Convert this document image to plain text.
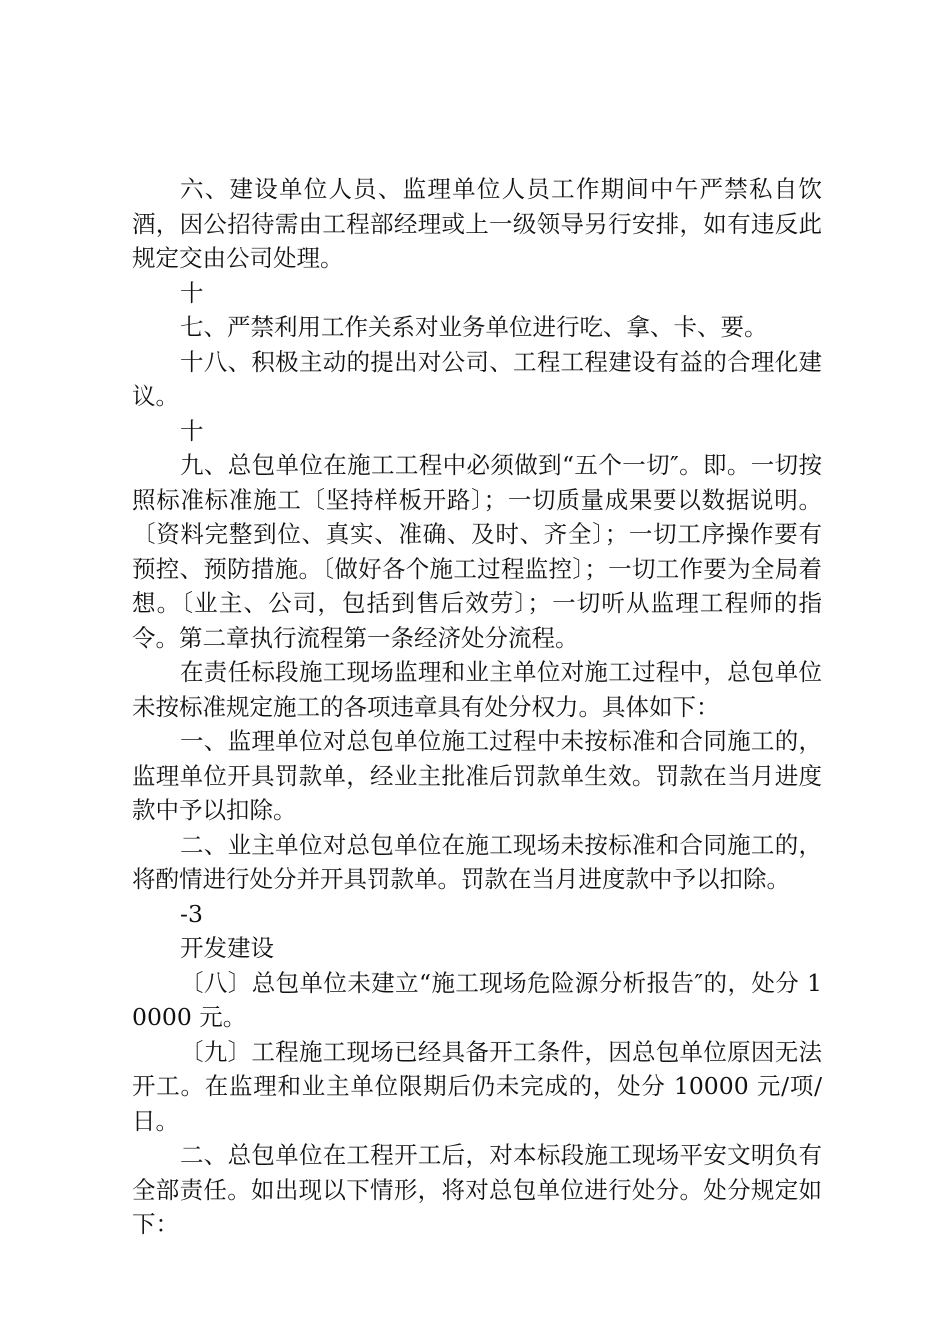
六、建设单位人员、监理单位人员工作期间中午严禁私自饮酒，因公招待需由工程部经理或上一级领导另行安排，如有违反此规定交由公司处理。

十

七、严禁利用工作关系对业务单位进行吃、拿、卡、要。

十八、积极主动的提出对公司、工程工程建设有益的合理化建议。

十

九、总包单位在施工工程中必须做到“五个一切″。即。一切按照标准标准施工〔坚持样板开路〕；一切质量成果要以数据说明。〔资料完整到位、真实、准确、及时、齐全〕；一切工序操作要有预控、预防措施。〔做好各个施工过程监控〕；一切工作要为全局着想。〔业主、公司，包括到售后效劳〕；一切听从监理工程师的指令。第二章执行流程第一条经济处分流程。

在责任标段施工现场监理和业主单位对施工过程中，总包单位未按标准规定施工的各项违章具有处分权力。具体如下：

一、监理单位对总包单位施工过程中未按标准和合同施工的，监理单位开具罚款单，经业主批准后罚款单生效。罚款在当月进度款中予以扣除。

二、业主单位对总包单位在施工现场未按标准和合同施工的，将酌情进行处分并开具罚款单。罚款在当月进度款中予以扣除。

-3

开发建设

〔八〕总包单位未建立“施工现场危险源分析报告″的，处分 10000 元。

〔九〕工程施工现场已经具备开工条件，因总包单位原因无法开工。在监理和业主单位限期后仍未完成的，处分 10000 元/项/日。

二、总包单位在工程开工后，对本标段施工现场平安文明负有全部责任。如出现以下情形，将对总包单位进行处分。处分规定如下：
